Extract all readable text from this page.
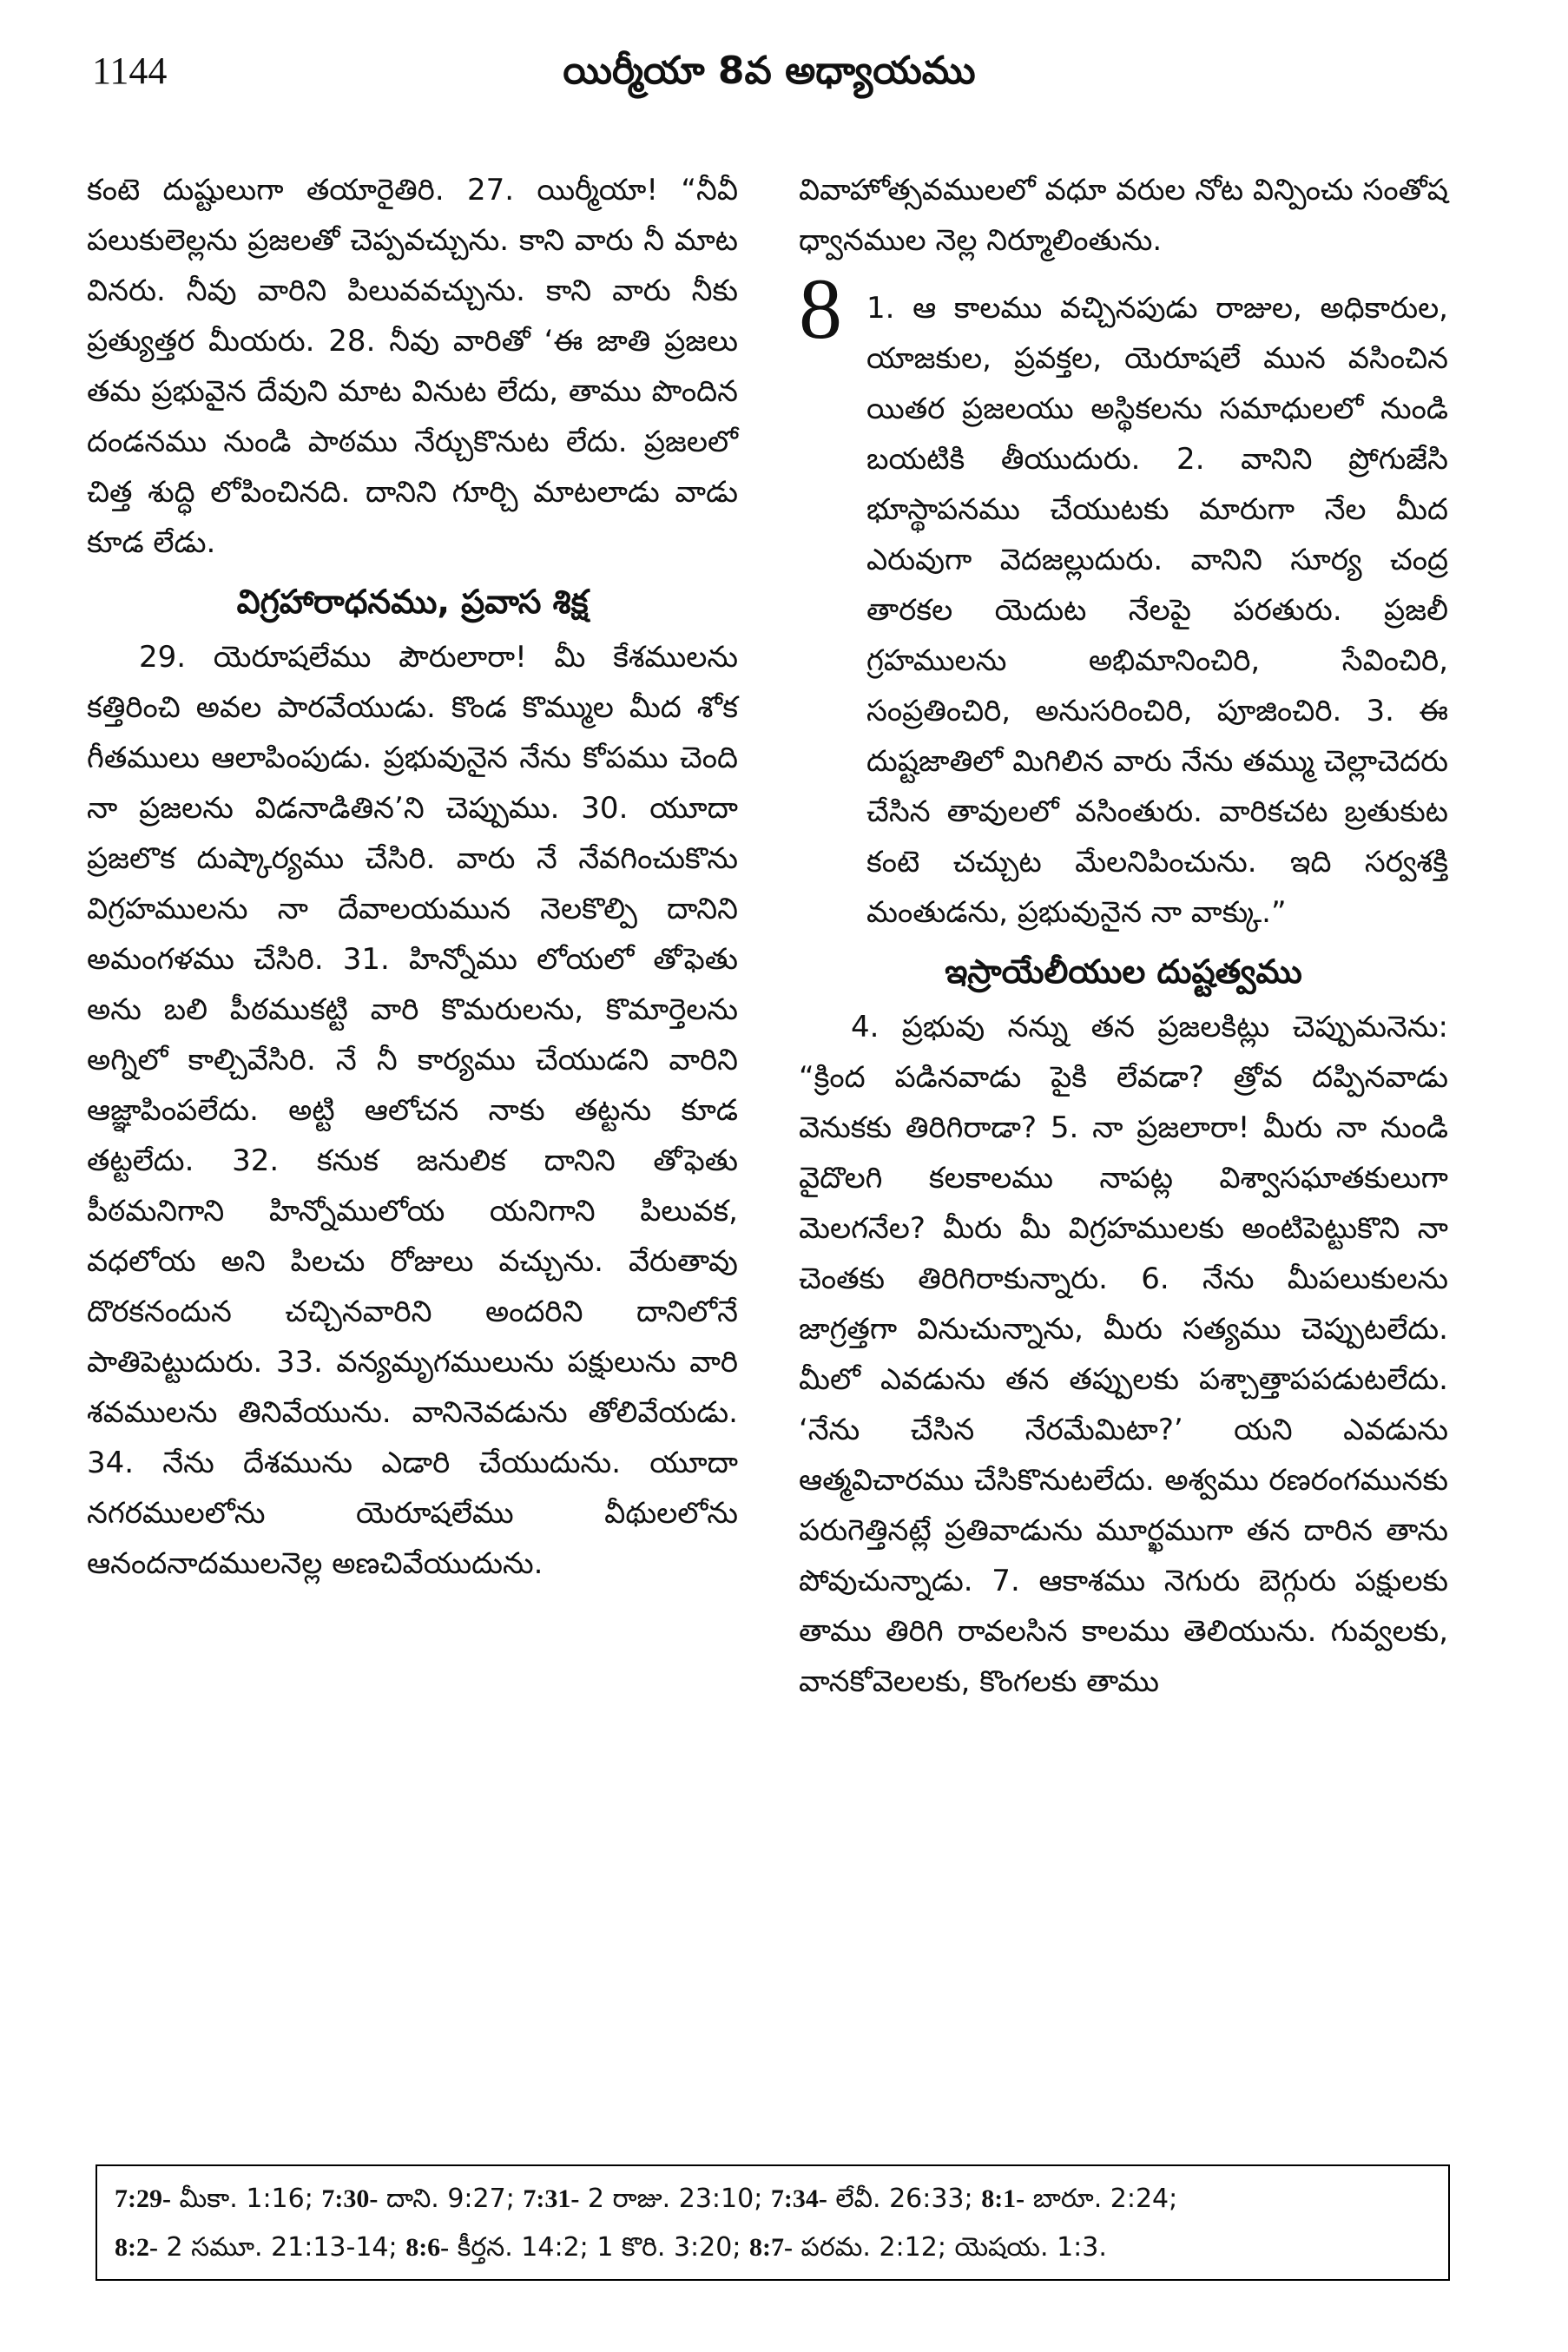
1144	యిర్మీయా 8వ అధ్యాయము

కంటె దుష్టులుగా తయారైతిరి. 27. యిర్మీయా! “నీవీ పలుకులెల్లను ప్రజలతో చెప్పవచ్చును. కాని వారు నీ మాట వినరు. నీవు వారిని పిలువవచ్చును. కాని వారు నీకు ప్రత్యుత్తర మీయరు. 28. నీవు వారితో ‘ఈ జాతి ప్రజలు తమ ప్రభువైన దేవుని మాట వినుట లేదు, తాము పొందిన దండనము నుండి పాఠము నేర్చుకొనుట లేదు. ప్రజలలో చిత్త శుద్ధి లోపించినది. దానిని గూర్చి మాటలాడు వాడు కూడ లేడు.

విగ్రహారాధనము, ప్రవాస శిక్ష

29. యెరూషలేము పౌరులారా! మీ కేశములను కత్తిరించి అవల పారవేయుడు. కొండ కొమ్ముల మీద శోక గీతములు ఆలాపింపుడు. ప్రభువునైన నేను కోపము చెంది నా ప్రజలను విడనాడితిన’ని చెప్పుము. 30. యూదా ప్రజలొక దుష్కార్యము చేసిరి. వారు నే నేవగించుకొను విగ్రహములను నా దేవాలయమున నెలకొల్పి దానిని అమంగళము చేసిరి. 31. హిన్నోము లోయలో తోఫెతు అను బలి పీఠముకట్టి వారి కొమరులను, కొమార్తెలను అగ్నిలో కాల్చివేసిరి. నే నీ కార్యము చేయుడని వారిని ఆజ్ఞాపింపలేదు. అట్టి ఆలోచన నాకు తట్టను కూడ తట్టలేదు. 32. కనుక జనులిక దానిని తోఫెతు పీఠమనిగాని హిన్నోములోయ యనిగాని పిలువక, వధలోయ అని పిలచు రోజులు వచ్చును. వేరుతావు దొరకనందున చచ్చినవారిని అందరిని దానిలోనే పాతిపెట్టుదురు. 33. వన్యమృగములును పక్షులును వారి శవములను తినివేయును. వానినెవడును తోలివేయడు. 34. నేను దేశమును ఎడారి చేయుదును. యూదా నగరములలోను యెరూషలేము వీథులలోను ఆనందనాదములనెల్ల అణచివేయుదును.

వివాహోత్సవములలో వధూ వరుల నోట విన్పించు సంతోష ధ్వానముల నెల్ల నిర్మూలింతును.

8 1. ఆ కాలము వచ్చినపుడు రాజుల, అధికారుల, యాజకుల, ప్రవక్తల, యెరూషలే మున వసించిన యితర ప్రజలయు అస్థికలను సమాధులలో నుండి బయటికి తీయుదురు. 2. వానిని ప్రోగుజేసి భూస్థాపనము చేయుటకు మారుగా నేల మీద ఎరువుగా వెదజల్లుదురు. వానిని సూర్య చంద్ర తారకల యెదుట నేలపై పరతురు. ప్రజలీ గ్రహములను అభిమానించిరి, సేవించిరి, సంప్రతించిరి, అనుసరించిరి, పూజించిరి. 3. ఈ దుష్టజాతిలో మిగిలిన వారు నేను తమ్ము చెల్లాచెదరు చేసిన తావులలో వసింతురు. వారికచట బ్రతుకుట కంటె చచ్చుట మేలనిపించును. ఇది సర్వశక్తి మంతుడను, ప్రభువునైన నా వాక్కు.”

ఇస్రాయేలీయుల దుష్టత్వము

4. ప్రభువు నన్ను తన ప్రజలకిట్లు చెప్పుమనెను: “క్రింద పడినవాడు పైకి లేవడా? త్రోవ దప్పినవాడు వెనుకకు తిరిగిరాడా? 5. నా ప్రజలారా! మీరు నా నుండి వైదొలగి కలకాలము నాపట్ల విశ్వాసఘాతకులుగా మెలగనేల? మీరు మీ విగ్రహములకు అంటిపెట్టుకొని నా చెంతకు తిరిగిరాకున్నారు. 6. నేను మీపలుకులను జాగ్రత్తగా వినుచున్నాను, మీరు సత్యము చెప్పుటలేదు. మీలో ఎవడును తన తప్పులకు పశ్చాత్తాపపడుటలేదు. ‘నేను చేసిన నేరమేమిటా?’ యని ఎవడును ఆత్మవిచారము చేసికొనుటలేదు. అశ్వము రణరంగమునకు పరుగెత్తినట్లే ప్రతివాడును మూర్ఖముగా తన దారిన తాను పోవుచున్నాడు. 7. ఆకాశము నెగురు బెగ్గురు పక్షులకు తాము తిరిగి రావలసిన కాలము తెలియును. గువ్వలకు, వానకోవెలలకు, కొంగలకు తాము

7:29- మీకా. 1:16; 7:30- దాని. 9:27; 7:31- 2 రాజు. 23:10; 7:34- లేవీ. 26:33; 8:1- బారూ. 2:24; 8:2- 2 సమూ. 21:13-14; 8:6- కీర్తన. 14:2; 1 కొరి. 3:20; 8:7- పరమ. 2:12; యెషయ. 1:3.
